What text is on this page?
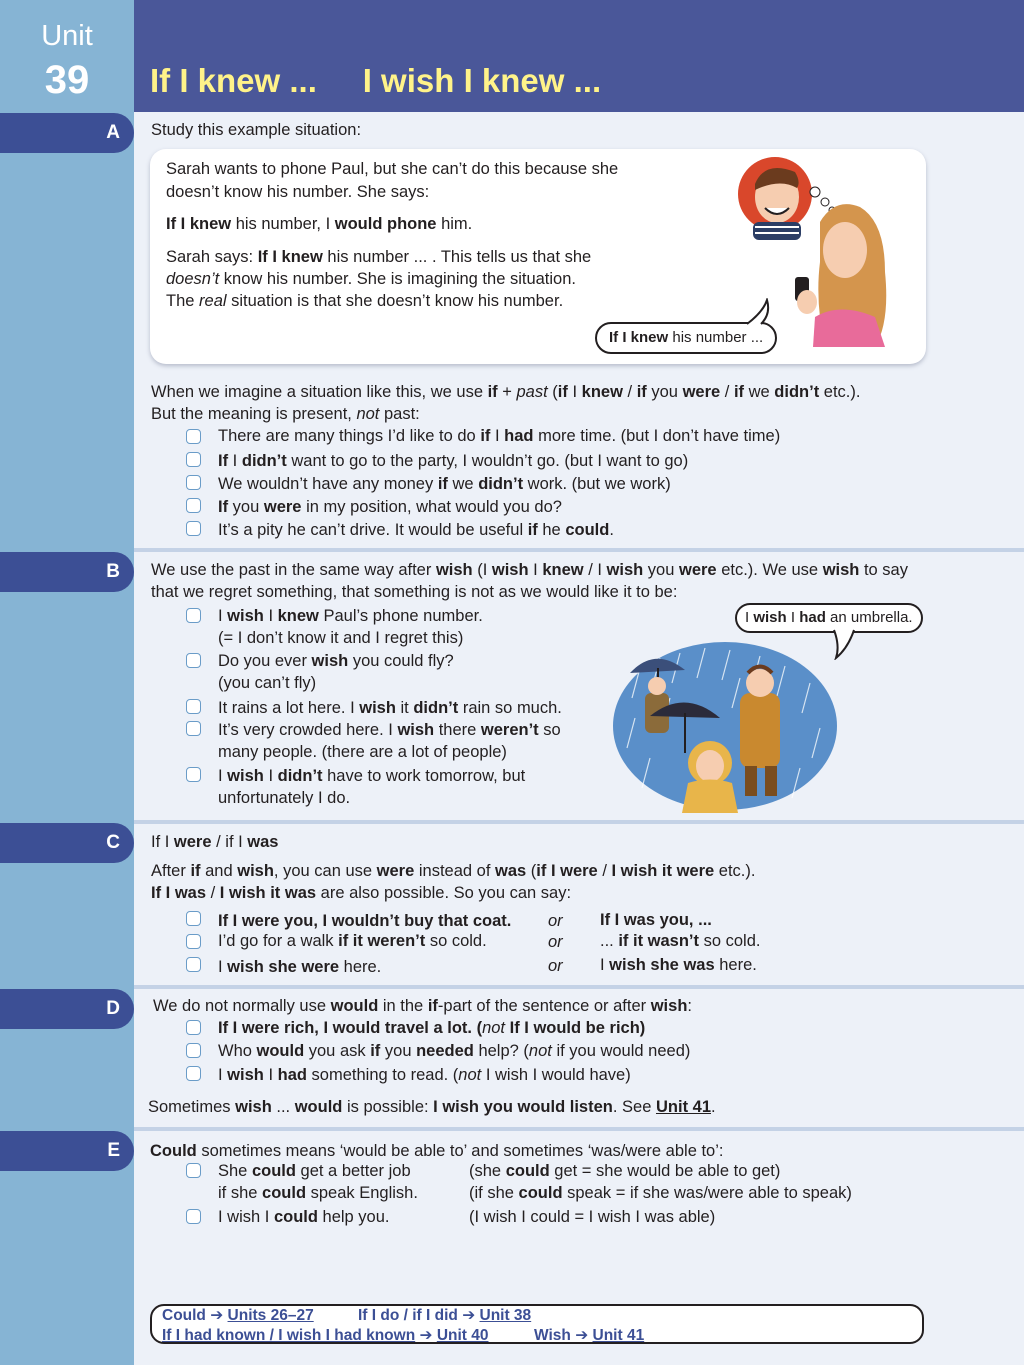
Unit
39	If I knew ...     I wish I knew ...
A Study this example situation:
Sarah wants to phone Paul, but she can’t do this because she
doesn’t know his number. She says:
If I knew his number, I would phone him.
Sarah says: If I knew his number ... . This tells us that she
doesn’t know his number. She is imagining the situation.
The real situation is that she doesn’t know his number.
If I knew his number ...
When we imagine a situation like this, we use if + past (if I knew / if you were / if we didn’t etc.).
But the meaning is present, not past:
There are many things I’d like to do if I had more time. (but I don’t have time)
If I didn’t want to go to the party, I wouldn’t go. (but I want to go)
We wouldn’t have any money if we didn’t work. (but we work)
If you were in my position, what would you do?
It’s a pity he can’t drive. It would be useful if he could.
B We use the past in the same way after wish (I wish I knew / I wish you were etc.). We use wish to say
that we regret something, that something is not as we would like it to be:
I wish I knew Paul’s phone number.
(= I don’t know it and I regret this)
Do you ever wish you could fly?
(you can’t fly)
It rains a lot here. I wish it didn’t rain so much.
It’s very crowded here. I wish there weren’t so
many people. (there are a lot of people)
I wish I didn’t have to work tomorrow, but
unfortunately I do.
I wish I had an umbrella.
C If I were / if I was
After if and wish, you can use were instead of was (if I were / I wish it were etc.).
If I was / I wish it was are also possible. So you can say:
If I were you, I wouldn’t buy that coat. or If I was you, ...
I’d go for a walk if it weren’t so cold.	or ... if it wasn’t so cold.
I wish she were here.	or I wish she was here.
D We do not normally use would in the if-part of the sentence or after wish:
If I were rich, I would travel a lot. (not If I would be rich)
Who would you ask if you needed help? (not if you would need)
I wish I had something to read. (not I wish I would have)
Sometimes wish ... would is possible: I wish you would listen. See Unit 41.
E Could sometimes means ‘would be able to’ and sometimes ‘was/were able to’:
She could get a better job	(she could get = she would be able to get)
if she could speak English.	(if she could speak = if she was/were able to speak)
I wish I could help you.	(I wish I could = I wish I was able)
Could ➔ Units 26–27	If I do / if I did ➔ Unit 38
If I had known / I wish I had known ➔ Unit 40	Wish ➔ Unit 41
